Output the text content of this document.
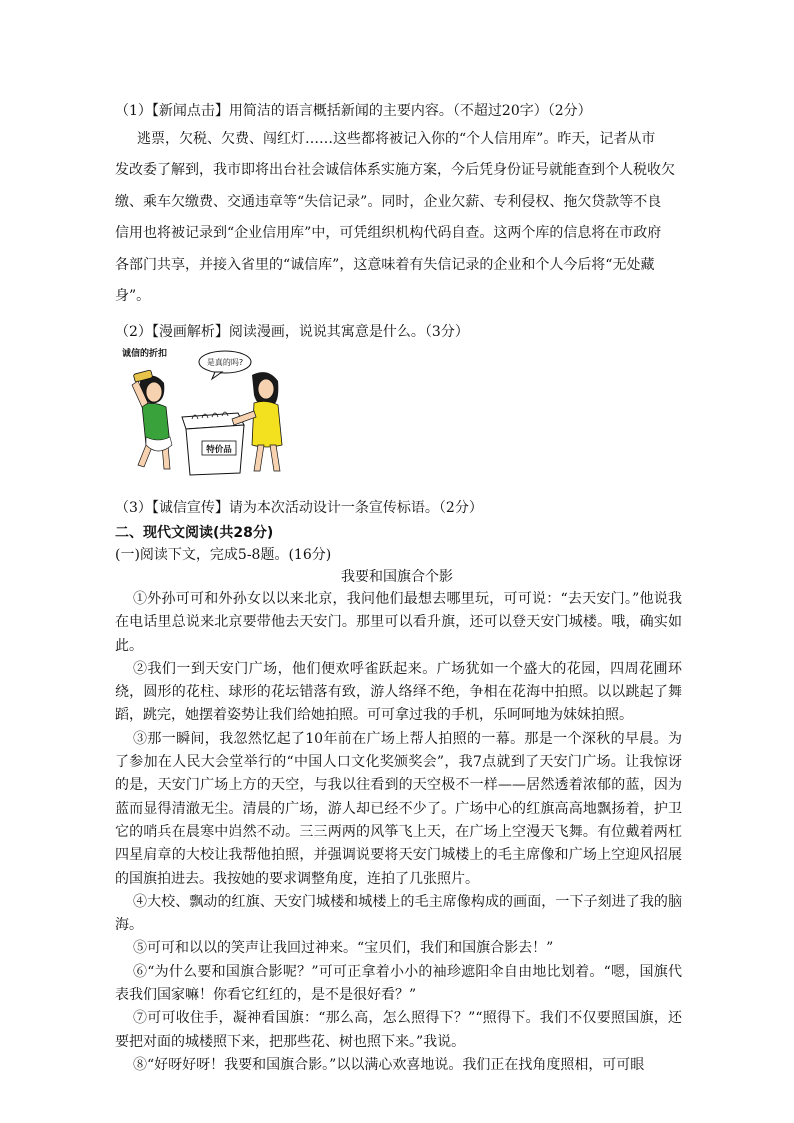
（1）【新闻点击】用简洁的语言概括新闻的主要内容。（不超过20字）（2分）

逃票，欠税、欠费、闯红灯……这些都将被记入你的“个人信用库”。昨天，记者从市

发改委了解到，我市即将出台社会诚信体系实施方案，今后凭身份证号就能查到个人税收欠

缴、乘车欠缴费、交通违章等“失信记录”。同时，企业欠薪、专利侵权、拖欠贷款等不良

信用也将被记录到“企业信用库”中，可凭组织机构代码自查。这两个库的信息将在市政府

各部门共享，并接入省里的“诚信库”，这意味着有失信记录的企业和个人今后将“无处藏

身”。

（2）【漫画解析】阅读漫画，说说其寓意是什么。（3分）
诚信的折扣
是真的吗?
特价品
（3）【诚信宣传】请为本次活动设计一条宣传标语。（2分）
二、现代文阅读(共28分)
(一)阅读下文，完成5-8题。(16分)
我要和国旗合个影

①外孙可可和外孙女以以来北京，我问他们最想去哪里玩，可可说：“去天安门。”他说我在电话里总说来北京要带他去天安门。那里可以看升旗，还可以登天安门城楼。哦，确实如此。

②我们一到天安门广场，他们便欢呼雀跃起来。广场犹如一个盛大的花园，四周花圃环绕，圆形的花柱、球形的花坛错落有致，游人络绎不绝，争相在花海中拍照。以以跳起了舞蹈，跳完，她摆着姿势让我们给她拍照。可可拿过我的手机，乐呵呵地为妹妹拍照。

③那一瞬间，我忽然忆起了10年前在广场上帮人拍照的一幕。那是一个深秋的早晨。为了参加在人民大会堂举行的“中国人口文化奖颁奖会”，我7点就到了天安门广场。让我惊讶的是，天安门广场上方的天空，与我以往看到的天空极不一样——居然透着浓郁的蓝，因为蓝而显得清澈无尘。清晨的广场，游人却已经不少了。广场中心的红旗高高地飘扬着，护卫它的哨兵在晨寒中岿然不动。三三两两的风筝飞上天，在广场上空漫天飞舞。有位戴着两杠四星肩章的大校让我帮他拍照，并强调说要将天安门城楼上的毛主席像和广场上空迎风招展的国旗拍进去。我按她的要求调整角度，连拍了几张照片。

④大校、飘动的红旗、天安门城楼和城楼上的毛主席像构成的画面，一下子刻进了我的脑海。

⑤可可和以以的笑声让我回过神来。“宝贝们，我们和国旗合影去！”

⑥“为什么要和国旗合影呢？”可可正拿着小小的袖珍遮阳伞自由地比划着。“嗯，国旗代表我们国家嘛！你看它红红的，是不是很好看？”

⑦可可收住手，凝神看国旗：“那么高，怎么照得下？”“照得下。我们不仅要照国旗，还要把对面的城楼照下来，把那些花、树也照下来。”我说。

⑧“好呀好呀！我要和国旗合影。”以以满心欢喜地说。我们正在找角度照相，可可眼
